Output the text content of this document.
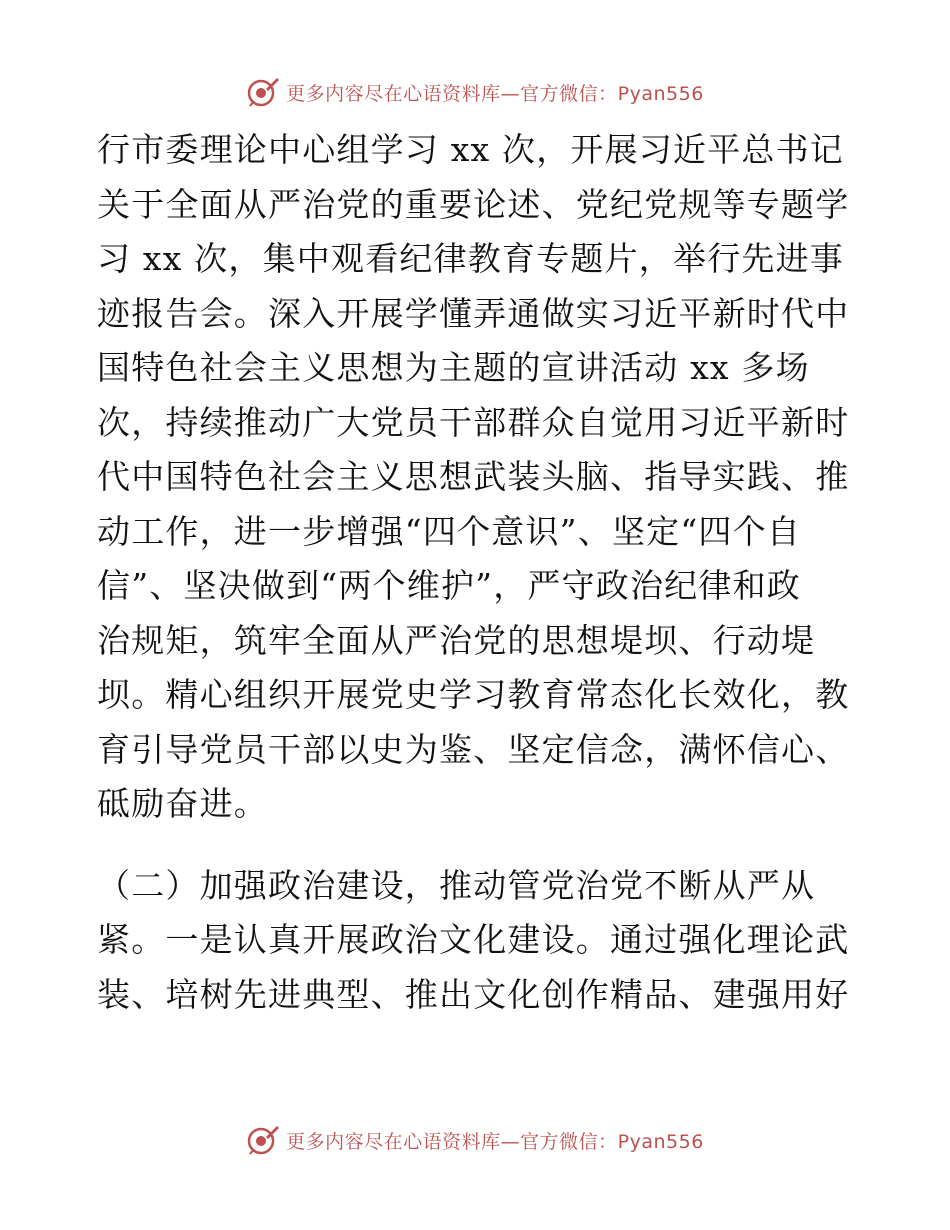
更多内容尽在心语资料库—官方微信：Pyan556

行市委理论中心组学习 xx 次，开展习近平总书记
关于全面从严治党的重要论述、党纪党规等专题学
习 xx 次，集中观看纪律教育专题片，举行先进事
迹报告会。深入开展学懂弄通做实习近平新时代中
国特色社会主义思想为主题的宣讲活动 xx 多场
次，持续推动广大党员干部群众自觉用习近平新时
代中国特色社会主义思想武装头脑、指导实践、推
动工作，进一步增强“四个意识”、坚定“四个自
信”、坚决做到“两个维护”，严守政治纪律和政
治规矩，筑牢全面从严治党的思想堤坝、行动堤
坝。精心组织开展党史学习教育常态化长效化，教
育引导党员干部以史为鉴、坚定信念，满怀信心、
砥励奋进。

（二）加强政治建设，推动管党治党不断从严从
紧。一是认真开展政治文化建设。通过强化理论武
装、培树先进典型、推出文化创作精品、建强用好

更多内容尽在心语资料库—官方微信：Pyan556
